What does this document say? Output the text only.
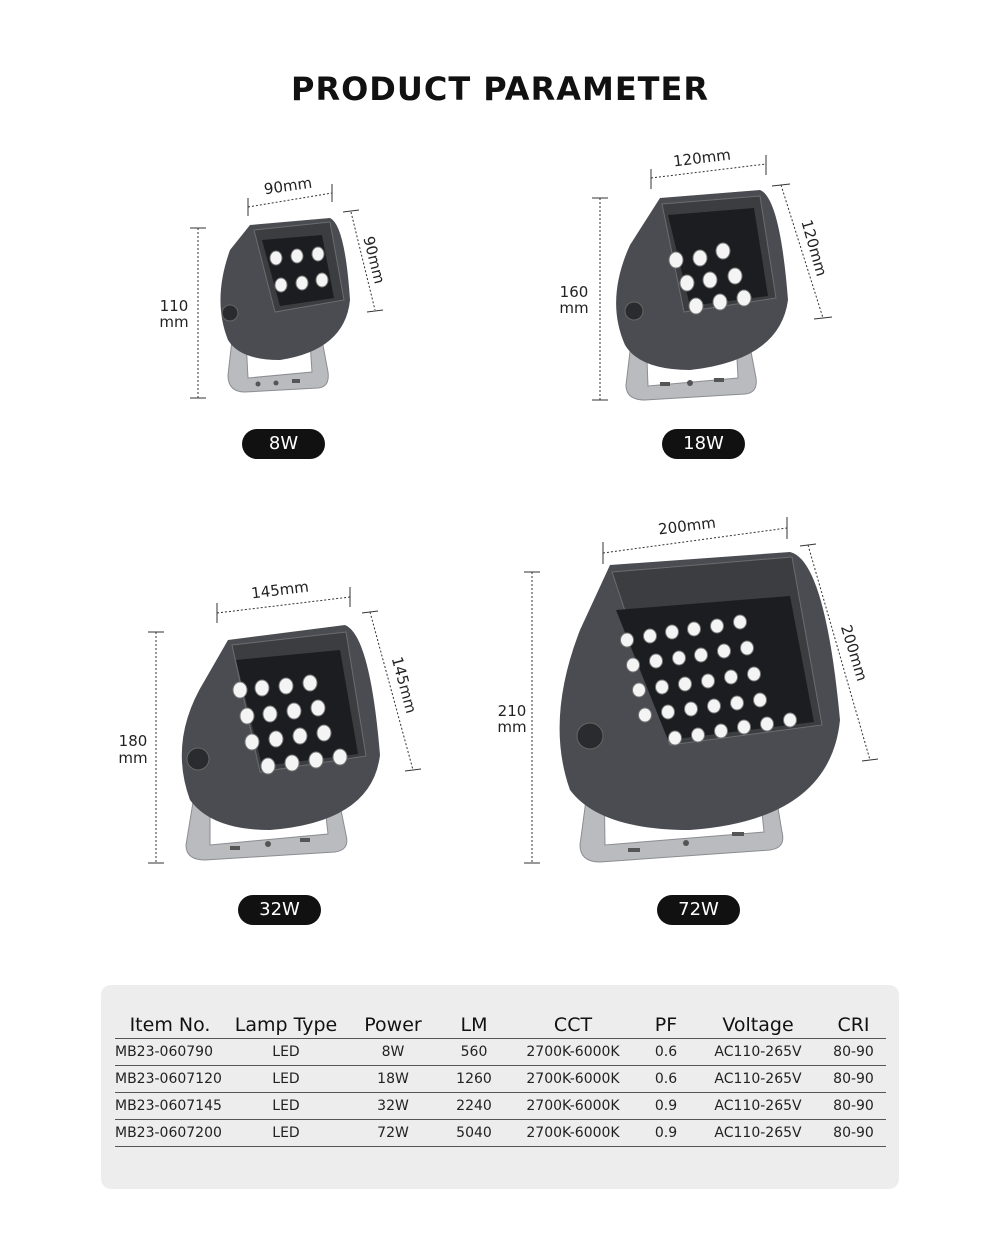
PRODUCT PARAMETER
90mm
90mm
110
mm
8W
120mm
120mm
160
mm
18W
145mm
145mm
180
mm
32W
200mm
200mm
210
mm
72W
Item No.	Lamp Type	Power	LM	CCT	PF	Voltage	CRI
MB23-060790	LED	8W	560	2700K-6000K	0.6	AC110-265V	80-90
MB23-0607120	LED	18W	1260	2700K-6000K	0.6	AC110-265V	80-90
MB23-0607145	LED	32W	2240	2700K-6000K	0.9	AC110-265V	80-90
MB23-0607200	LED	72W	5040	2700K-6000K	0.9	AC110-265V	80-90
